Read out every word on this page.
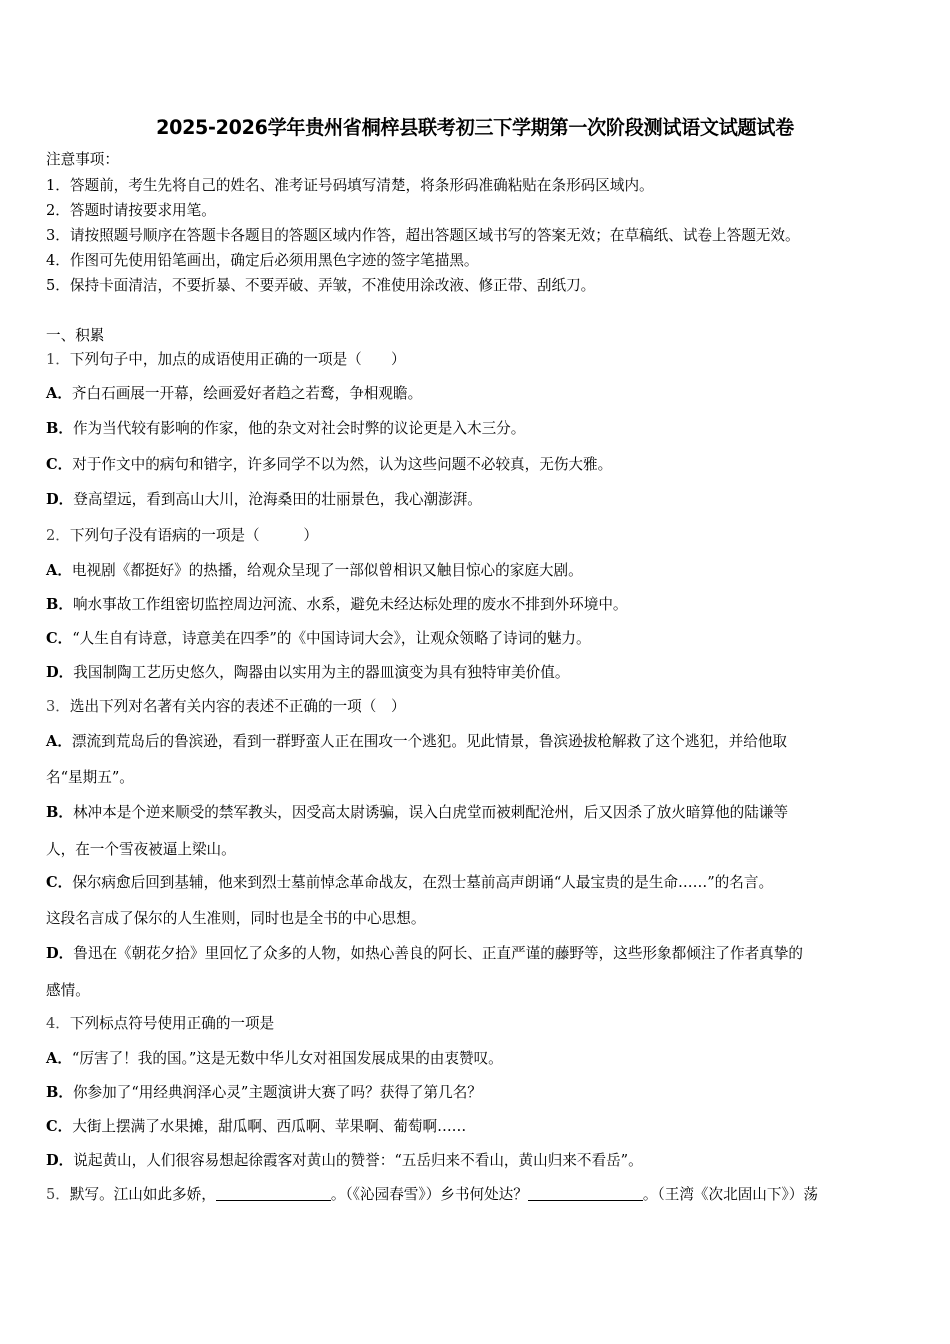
2025-2026学年贵州省桐梓县联考初三下学期第一次阶段测试语文试题试卷
注意事项：
1．答题前，考生先将自己的姓名、准考证号码填写清楚，将条形码准确粘贴在条形码区域内。
2．答题时请按要求用笔。
3．请按照题号顺序在答题卡各题目的答题区域内作答，超出答题区域书写的答案无效；在草稿纸、试卷上答题无效。
4．作图可先使用铅笔画出，确定后必须用黑色字迹的签字笔描黑。
5．保持卡面清洁，不要折暴、不要弄破、弄皱，不准使用涂改液、修正带、刮纸刀。
一、积累
1．下列句子中，加点的成语使用正确的一项是（　　）
A．齐白石画展一开幕，绘画爱好者趋之若鹜，争相观瞻。
B．作为当代较有影响的作家，他的杂文对社会时弊的议论更是入木三分。
C．对于作文中的病句和错字，许多同学不以为然，认为这些问题不必较真，无伤大雅。
D．登高望远，看到高山大川，沧海桑田的壮丽景色，我心潮澎湃。
2．下列句子没有语病的一项是（　　　）
A．电视剧《都挺好》的热播，给观众呈现了一部似曾相识又触目惊心的家庭大剧。
B．响水事故工作组密切监控周边河流、水系，避免未经达标处理的废水不排到外环境中。
C．“人生自有诗意，诗意美在四季”的《中国诗词大会》，让观众领略了诗词的魅力。
D．我国制陶工艺历史悠久，陶器由以实用为主的器皿演变为具有独特审美价值。
3．选出下列对名著有关内容的表述不正确的一项（　）
A．漂流到荒岛后的鲁滨逊，看到一群野蛮人正在围攻一个逃犯。见此情景，鲁滨逊拔枪解救了这个逃犯，并给他取
名“星期五”。
B．林冲本是个逆来顺受的禁军教头，因受高太尉诱骗，误入白虎堂而被刺配沧州，后又因杀了放火暗算他的陆谦等
人，在一个雪夜被逼上梁山。
C．保尔病愈后回到基辅，他来到烈士墓前悼念革命战友，在烈士墓前高声朗诵“人最宝贵的是生命……”的名言。
这段名言成了保尔的人生准则，同时也是全书的中心思想。
D．鲁迅在《朝花夕拾》里回忆了众多的人物，如热心善良的阿长、正直严谨的藤野等，这些形象都倾注了作者真挚的
感情。
4．下列标点符号使用正确的一项是
A．“厉害了！我的国。”这是无数中华儿女对祖国发展成果的由衷赞叹。
B．你参加了“用经典润泽心灵”主题演讲大赛了吗？获得了第几名？
C．大街上摆满了水果摊，甜瓜啊、西瓜啊、苹果啊、葡萄啊……
D．说起黄山，人们很容易想起徐霞客对黄山的赞誉：“五岳归来不看山，黄山归来不看岳”。
5．默写。江山如此多娇，	。（《沁园春雪》）乡书何处达？	。（王湾《次北固山下》）荡
